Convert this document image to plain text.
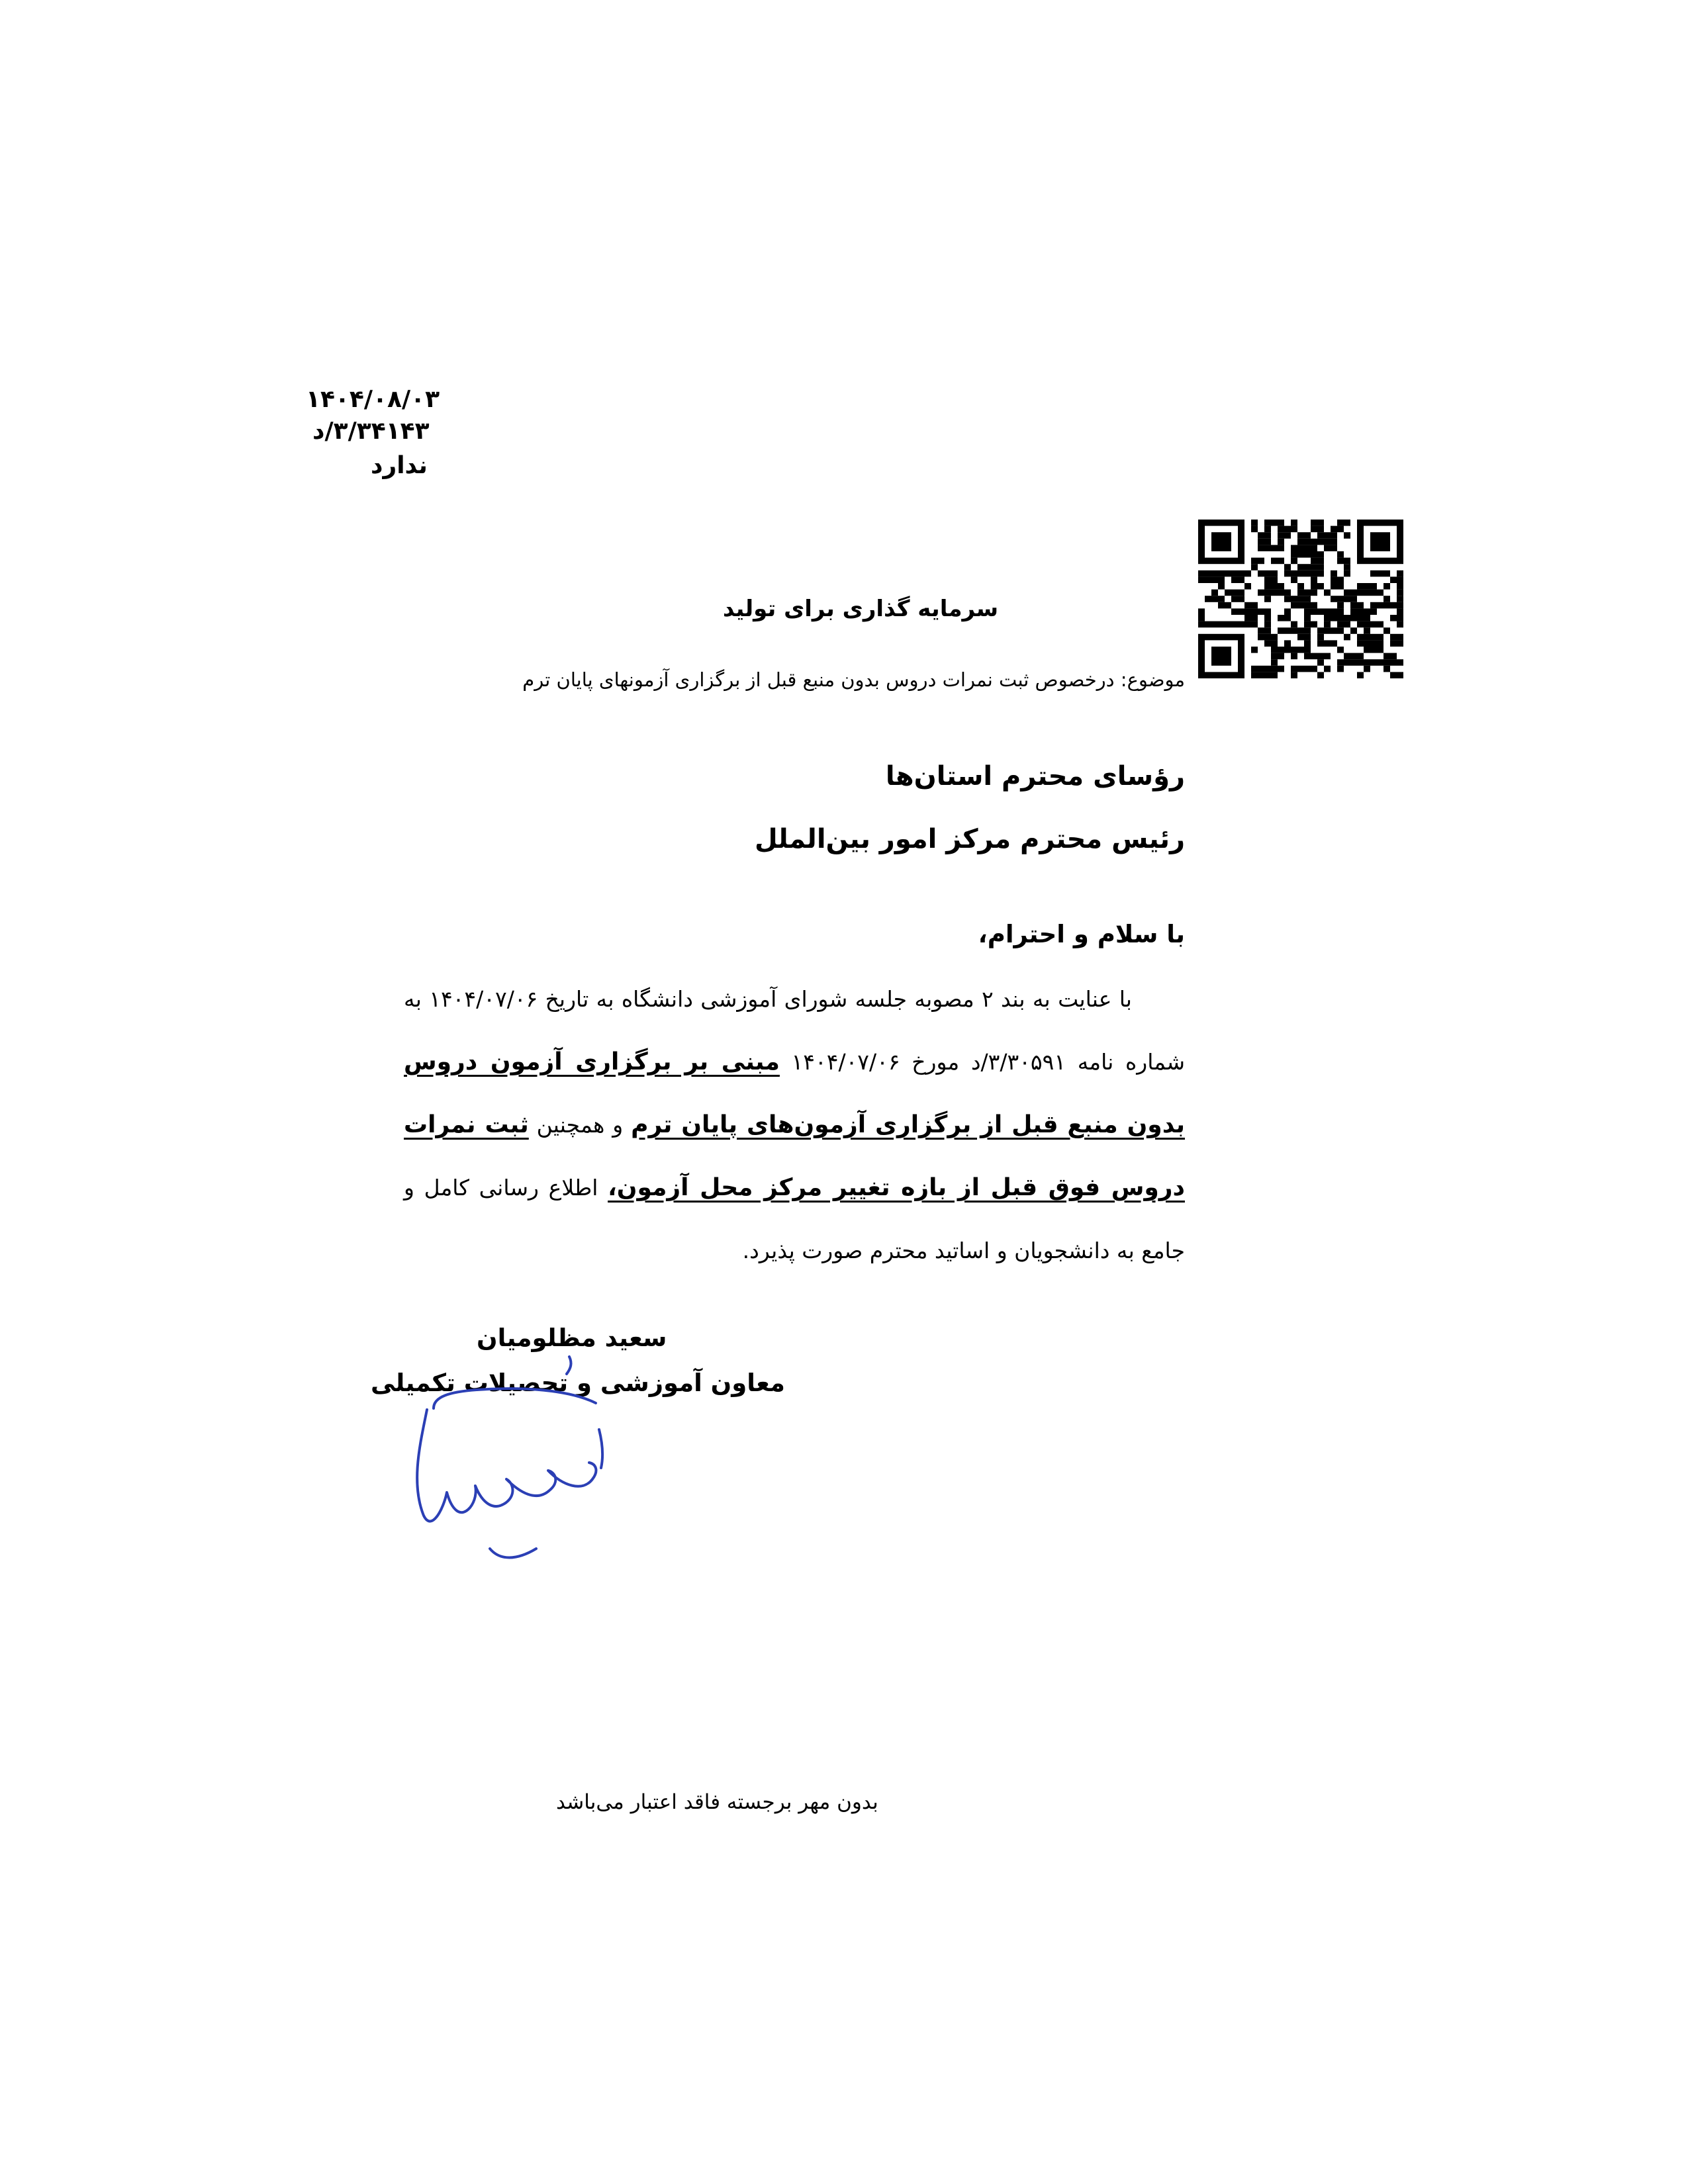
۱۴۰۴/۰۸/۰۳
۳/۳۴۱۴۳/د
ندارد
سرمایه گذاری برای تولید
موضوع: درخصوص ثبت نمرات دروس بدون منبع قبل از برگزاری آزمونهای پایان ترم
رؤسای محترم استان‌ها
رئیس محترم مرکز امور بین‌الملل
با سلام و احترام،
با عنایت به بند ۲ مصوبه جلسه شورای آموزشی دانشگاه به تاریخ ۱۴۰۴/۰۷/۰۶ به شماره نامه ۳/۳۰۵۹۱/د مورخ ۱۴۰۴/۰۷/۰۶ مبنی بر برگزاری آزمون دروس بدون منبع قبل از برگزاری آزمون‌های پایان ترم و همچنین ثبت نمرات دروس فوق قبل از بازه تغییر مرکز محل آزمون، اطلاع رسانی کامل و جامع به دانشجویان و اساتید محترم صورت پذیرد.
سعید مظلومیان
معاون آموزشی و تحصیلات تکمیلی
بدون مهر برجسته فاقد اعتبار می‌باشد
